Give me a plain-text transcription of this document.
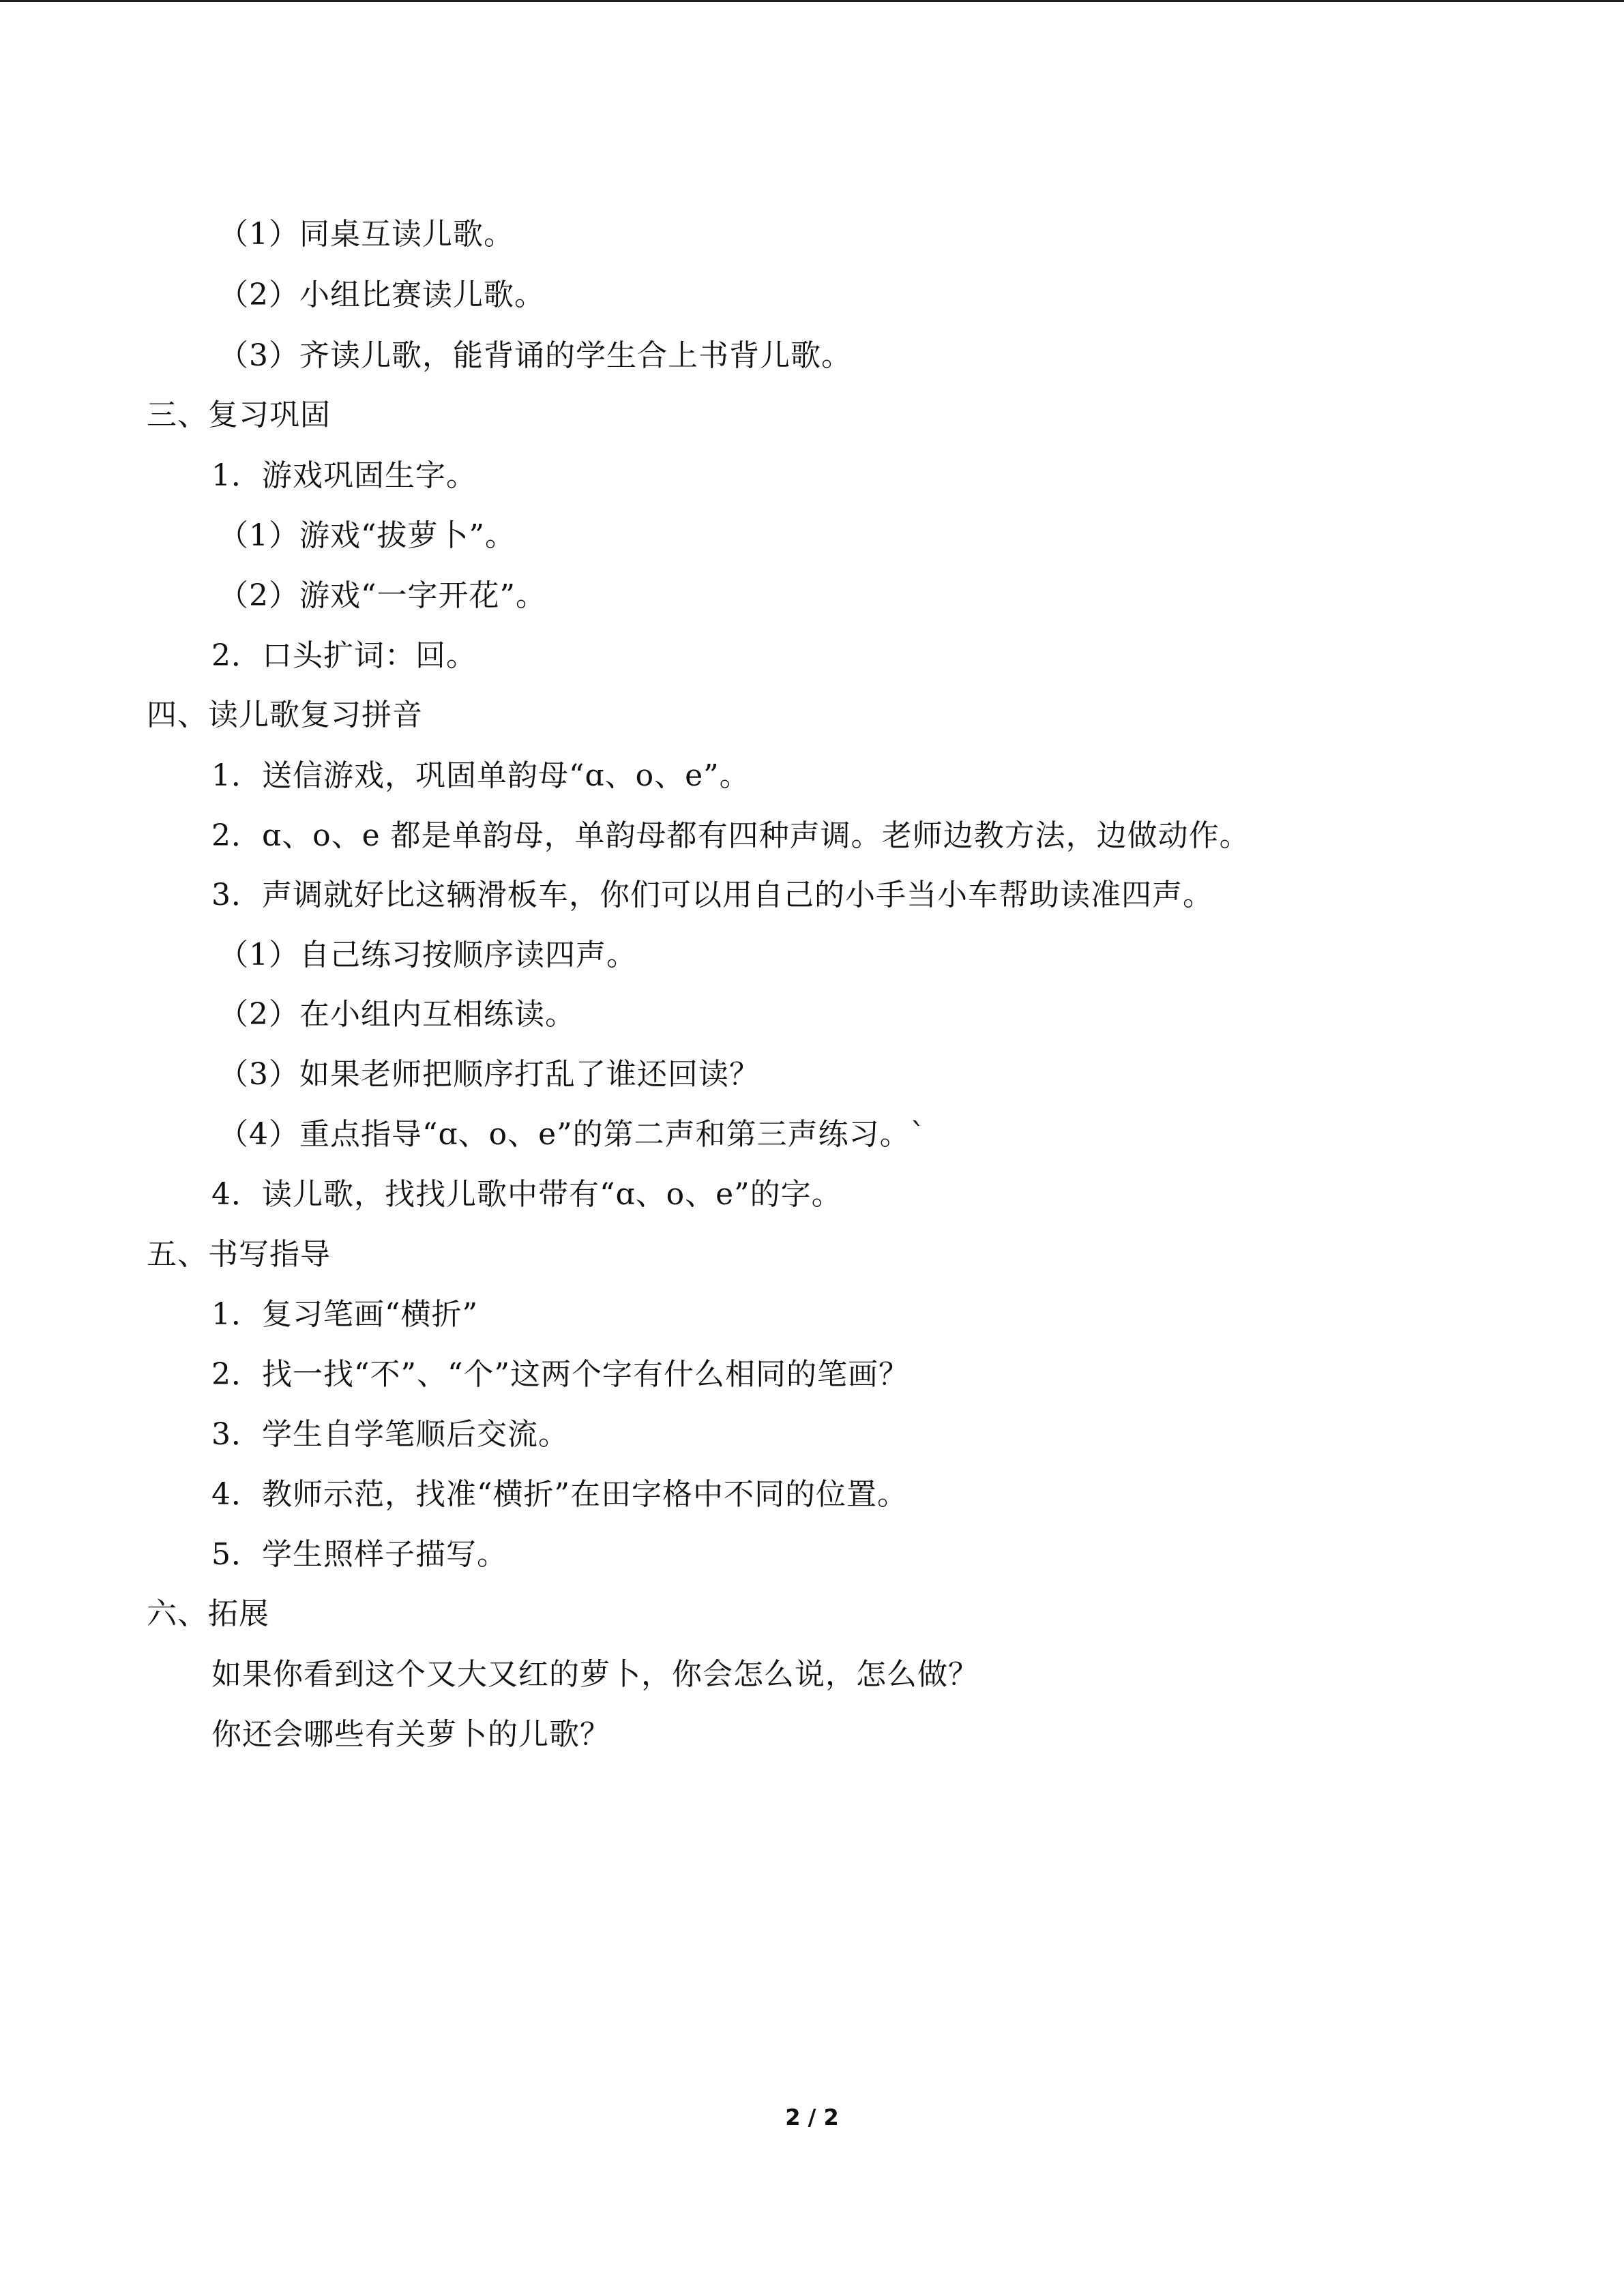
（1）同桌互读儿歌。
（2）小组比赛读儿歌。
（3）齐读儿歌，能背诵的学生合上书背儿歌。
三、复习巩固
1．游戏巩固生字。
（1）游戏“拔萝卜”。
（2）游戏“一字开花”。
2．口头扩词：回。
四、读儿歌复习拼音
1．送信游戏，巩固单韵母“ɑ、o、e”。
2．ɑ、o、e 都是单韵母，单韵母都有四种声调。老师边教方法，边做动作。
3．声调就好比这辆滑板车，你们可以用自己的小手当小车帮助读准四声。
（1）自己练习按顺序读四声。
（2）在小组内互相练读。
（3）如果老师把顺序打乱了谁还回读？
（4）重点指导“ɑ、o、e”的第二声和第三声练习。`
4．读儿歌，找找儿歌中带有“ɑ、o、e”的字。
五、书写指导
1．复习笔画“横折”
2．找一找“不”、“个”这两个字有什么相同的笔画？
3．学生自学笔顺后交流。
4．教师示范，找准“横折”在田字格中不同的位置。
5．学生照样子描写。
六、拓展
如果你看到这个又大又红的萝卜，你会怎么说，怎么做？
你还会哪些有关萝卜的儿歌？
2 / 2
